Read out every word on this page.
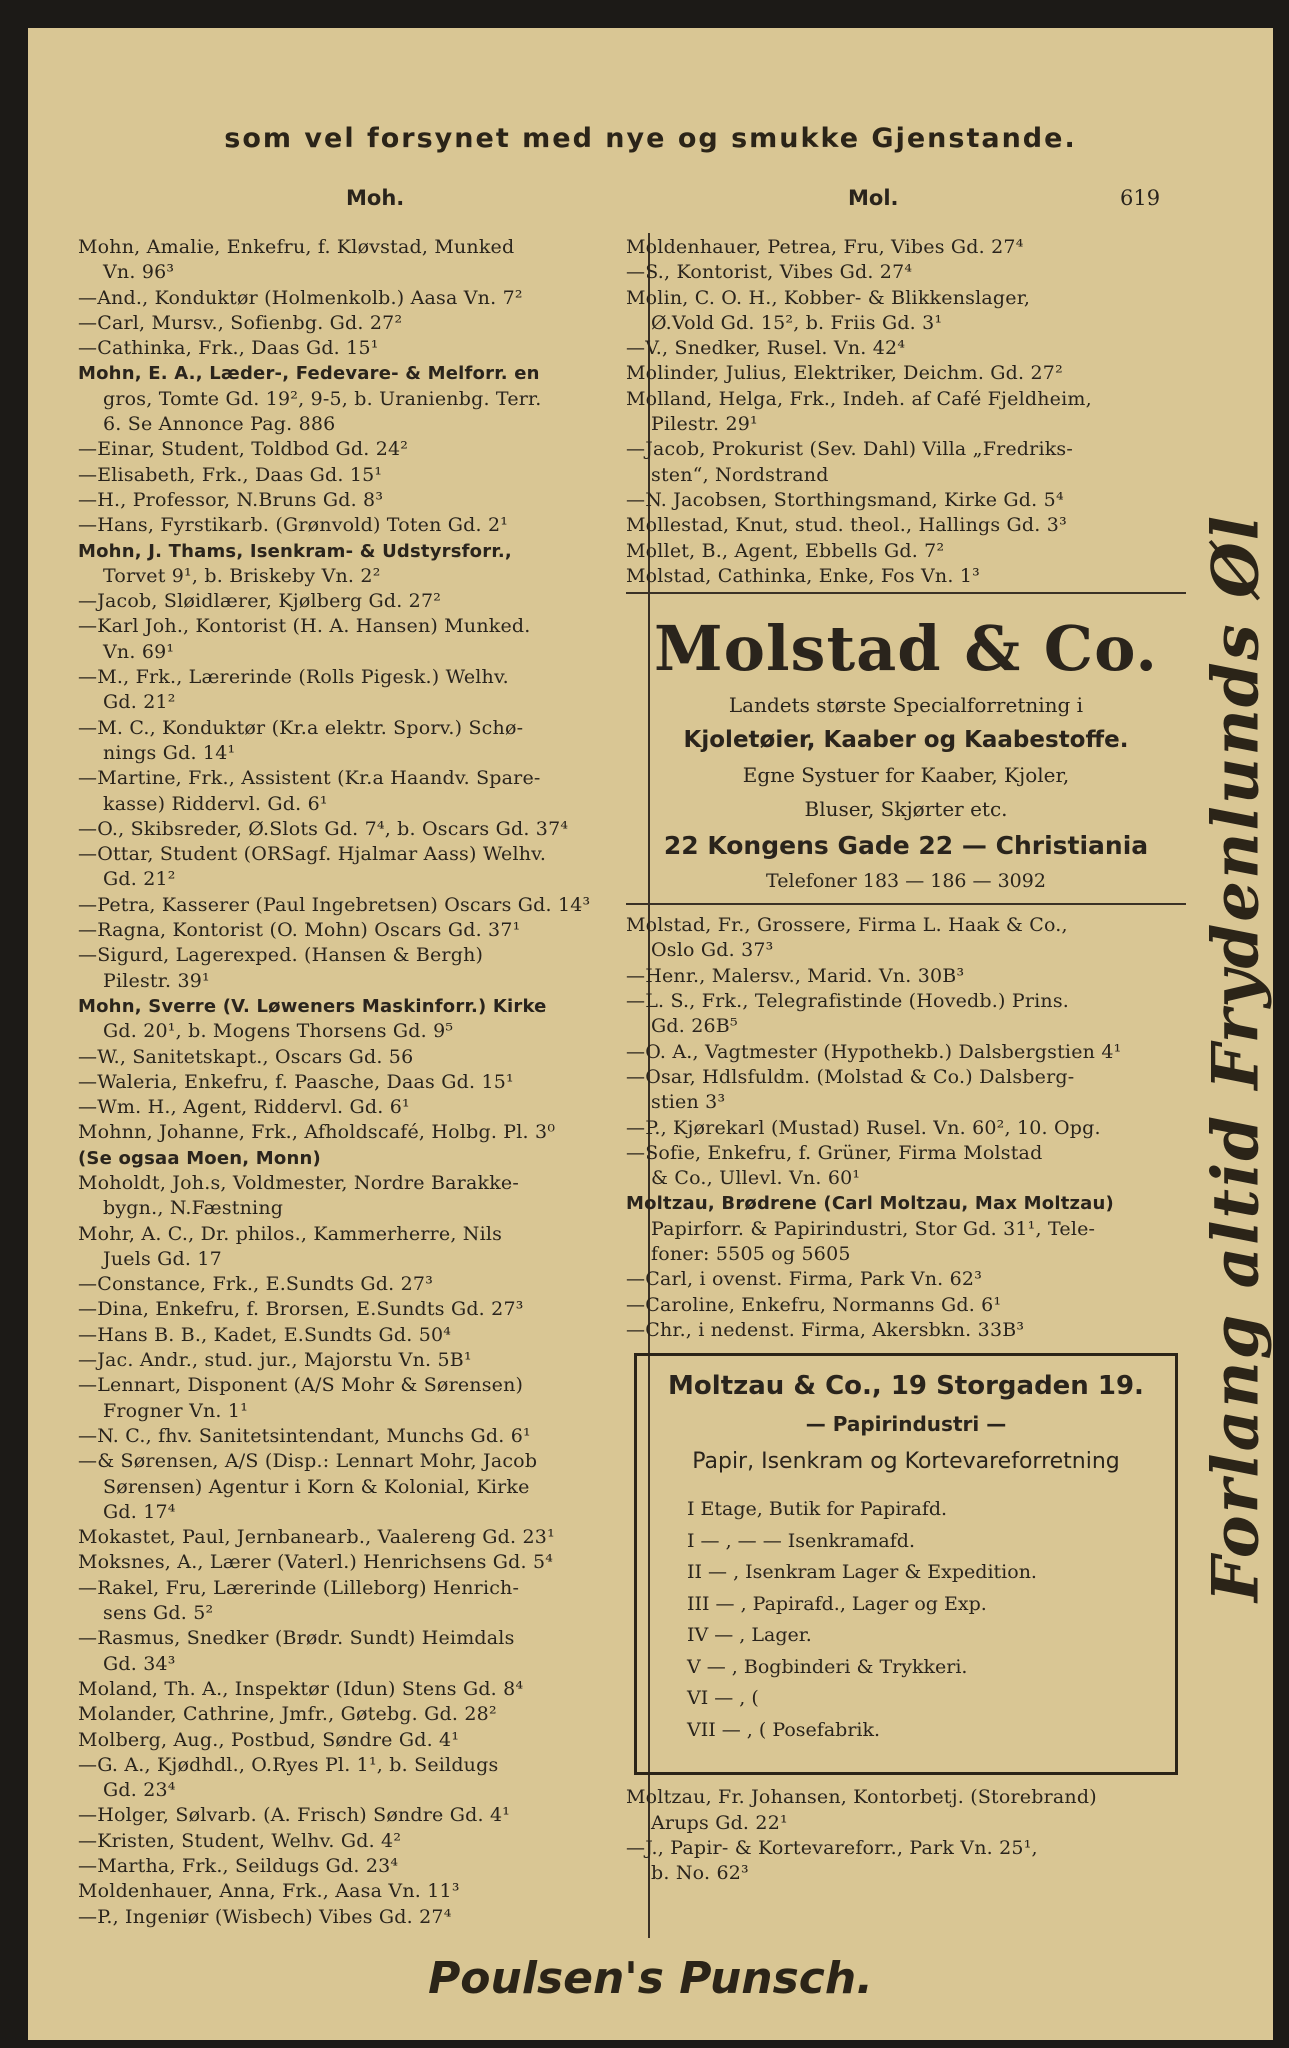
som vel forsynet med nye og smukke Gjenstande.
Moh.	Mol.	619
Mohn, Amalie, Enkefru, f. Kløvstad, Munked
Vn. 96³
—And., Konduktør (Holmenkolb.) Aasa Vn. 7²
—Carl, Mursv., Sofienbg. Gd. 27²
—Cathinka, Frk., Daas Gd. 15¹
Mohn, E. A., Læder-, Fedevare- & Melforr. en
gros, Tomte Gd. 19², 9-5, b. Uranienbg. Terr.
6. Se Annonce Pag. 886
—Einar, Student, Toldbod Gd. 24²
—Elisabeth, Frk., Daas Gd. 15¹
—H., Professor, N.Bruns Gd. 8³
—Hans, Fyrstikarb. (Grønvold) Toten Gd. 2¹
Mohn, J. Thams, Isenkram- & Udstyrsforr.,
Torvet 9¹, b. Briskeby Vn. 2²
—Jacob, Sløidlærer, Kjølberg Gd. 27²
—Karl Joh., Kontorist (H. A. Hansen) Munked.
Vn. 69¹
—M., Frk., Lærerinde (Rolls Pigesk.) Welhv.
Gd. 21²
—M. C., Konduktør (Kr.a elektr. Sporv.) Schø-
nings Gd. 14¹
—Martine, Frk., Assistent (Kr.a Haandv. Spare-
kasse) Riddervl. Gd. 6¹
—O., Skibsreder, Ø.Slots Gd. 7⁴, b. Oscars Gd. 37⁴
—Ottar, Student (ORSagf. Hjalmar Aass) Welhv.
Gd. 21²
—Petra, Kasserer (Paul Ingebretsen) Oscars Gd. 14³
—Ragna, Kontorist (O. Mohn) Oscars Gd. 37¹
—Sigurd, Lagerexped. (Hansen & Bergh)
Pilestr. 39¹
Mohn, Sverre (V. Løweners Maskinforr.) Kirke
Gd. 20¹, b. Mogens Thorsens Gd. 9⁵
—W., Sanitetskapt., Oscars Gd. 56
—Waleria, Enkefru, f. Paasche, Daas Gd. 15¹
—Wm. H., Agent, Riddervl. Gd. 6¹
Mohnn, Johanne, Frk., Afholdscafé, Holbg. Pl. 3⁰
(Se ogsaa Moen, Monn)
Moholdt, Joh.s, Voldmester, Nordre Barakke-
bygn., N.Fæstning
Mohr, A. C., Dr. philos., Kammerherre, Nils
Juels Gd. 17
—Constance, Frk., E.Sundts Gd. 27³
—Dina, Enkefru, f. Brorsen, E.Sundts Gd. 27³
—Hans B. B., Kadet, E.Sundts Gd. 50⁴
—Jac. Andr., stud. jur., Majorstu Vn. 5B¹
—Lennart, Disponent (A/S Mohr & Sørensen)
Frogner Vn. 1¹
—N. C., fhv. Sanitetsintendant, Munchs Gd. 6¹
—& Sørensen, A/S (Disp.: Lennart Mohr, Jacob
Sørensen) Agentur i Korn & Kolonial, Kirke
Gd. 17⁴
Mokastet, Paul, Jernbanearb., Vaalereng Gd. 23¹
Moksnes, A., Lærer (Vaterl.) Henrichsens Gd. 5⁴
—Rakel, Fru, Lærerinde (Lilleborg) Henrich-
sens Gd. 5²
—Rasmus, Snedker (Brødr. Sundt) Heimdals
Gd. 34³
Moland, Th. A., Inspektør (Idun) Stens Gd. 8⁴
Molander, Cathrine, Jmfr., Gøtebg. Gd. 28²
Molberg, Aug., Postbud, Søndre Gd. 4¹
—G. A., Kjødhdl., O.Ryes Pl. 1¹, b. Seildugs
Gd. 23⁴
—Holger, Sølvarb. (A. Frisch) Søndre Gd. 4¹
—Kristen, Student, Welhv. Gd. 4²
—Martha, Frk., Seildugs Gd. 23⁴
Moldenhauer, Anna, Frk., Aasa Vn. 11³
—P., Ingeniør (Wisbech) Vibes Gd. 27⁴
Moldenhauer, Petrea, Fru, Vibes Gd. 27⁴
—S., Kontorist, Vibes Gd. 27⁴
Molin, C. O. H., Kobber- & Blikkenslager,
Ø.Vold Gd. 15², b. Friis Gd. 3¹
—V., Snedker, Rusel. Vn. 42⁴
Molinder, Julius, Elektriker, Deichm. Gd. 27²
Molland, Helga, Frk., Indeh. af Café Fjeldheim,
Pilestr. 29¹
—Jacob, Prokurist (Sev. Dahl) Villa „Fredriks-
sten“, Nordstrand
—N. Jacobsen, Storthingsmand, Kirke Gd. 5⁴
Mollestad, Knut, stud. theol., Hallings Gd. 3³
Mollet, B., Agent, Ebbells Gd. 7²
Molstad, Cathinka, Enke, Fos Vn. 1³
Molstad & Co.
Landets største Specialforretning i
Kjoletøier, Kaaber og Kaabestoffe.
Egne Systuer for Kaaber, Kjoler,
Bluser, Skjørter etc.
22 Kongens Gade 22 — Christiania
Telefoner 183 — 186 — 3092
Molstad, Fr., Grossere, Firma L. Haak & Co.,
Oslo Gd. 37³
—Henr., Malersv., Marid. Vn. 30B³
—L. S., Frk., Telegrafistinde (Hovedb.) Prins.
Gd. 26B⁵
—O. A., Vagtmester (Hypothekb.) Dalsbergstien 4¹
—Osar, Hdlsfuldm. (Molstad & Co.) Dalsberg-
stien 3³
—P., Kjørekarl (Mustad) Rusel. Vn. 60², 10. Opg.
—Sofie, Enkefru, f. Grüner, Firma Molstad
& Co., Ullevl. Vn. 60¹
Moltzau, Brødrene (Carl Moltzau, Max Moltzau)
Papirforr. & Papirindustri, Stor Gd. 31¹, Tele-
foner: 5505 og 5605
—Carl, i ovenst. Firma, Park Vn. 62³
—Caroline, Enkefru, Normanns Gd. 6¹
—Chr., i nedenst. Firma, Akersbkn. 33B³
Moltzau & Co., 19 Storgaden 19.
— Papirindustri —
Papir, Isenkram og Kortevareforretning
I Etage, Butik for Papirafd.
I — , — — Isenkramafd.
II — , Isenkram Lager & Expedition.
III — , Papirafd., Lager og Exp.
IV — , Lager.
V — , Bogbinderi & Trykkeri.
VI — , (
VII — , ( Posefabrik.
Moltzau, Fr. Johansen, Kontorbetj. (Storebrand)
Arups Gd. 22¹
—J., Papir- & Kortevareforr., Park Vn. 25¹,
b. No. 62³
Forlang altid Frydenlunds Øl
Poulsen's Punsch.
